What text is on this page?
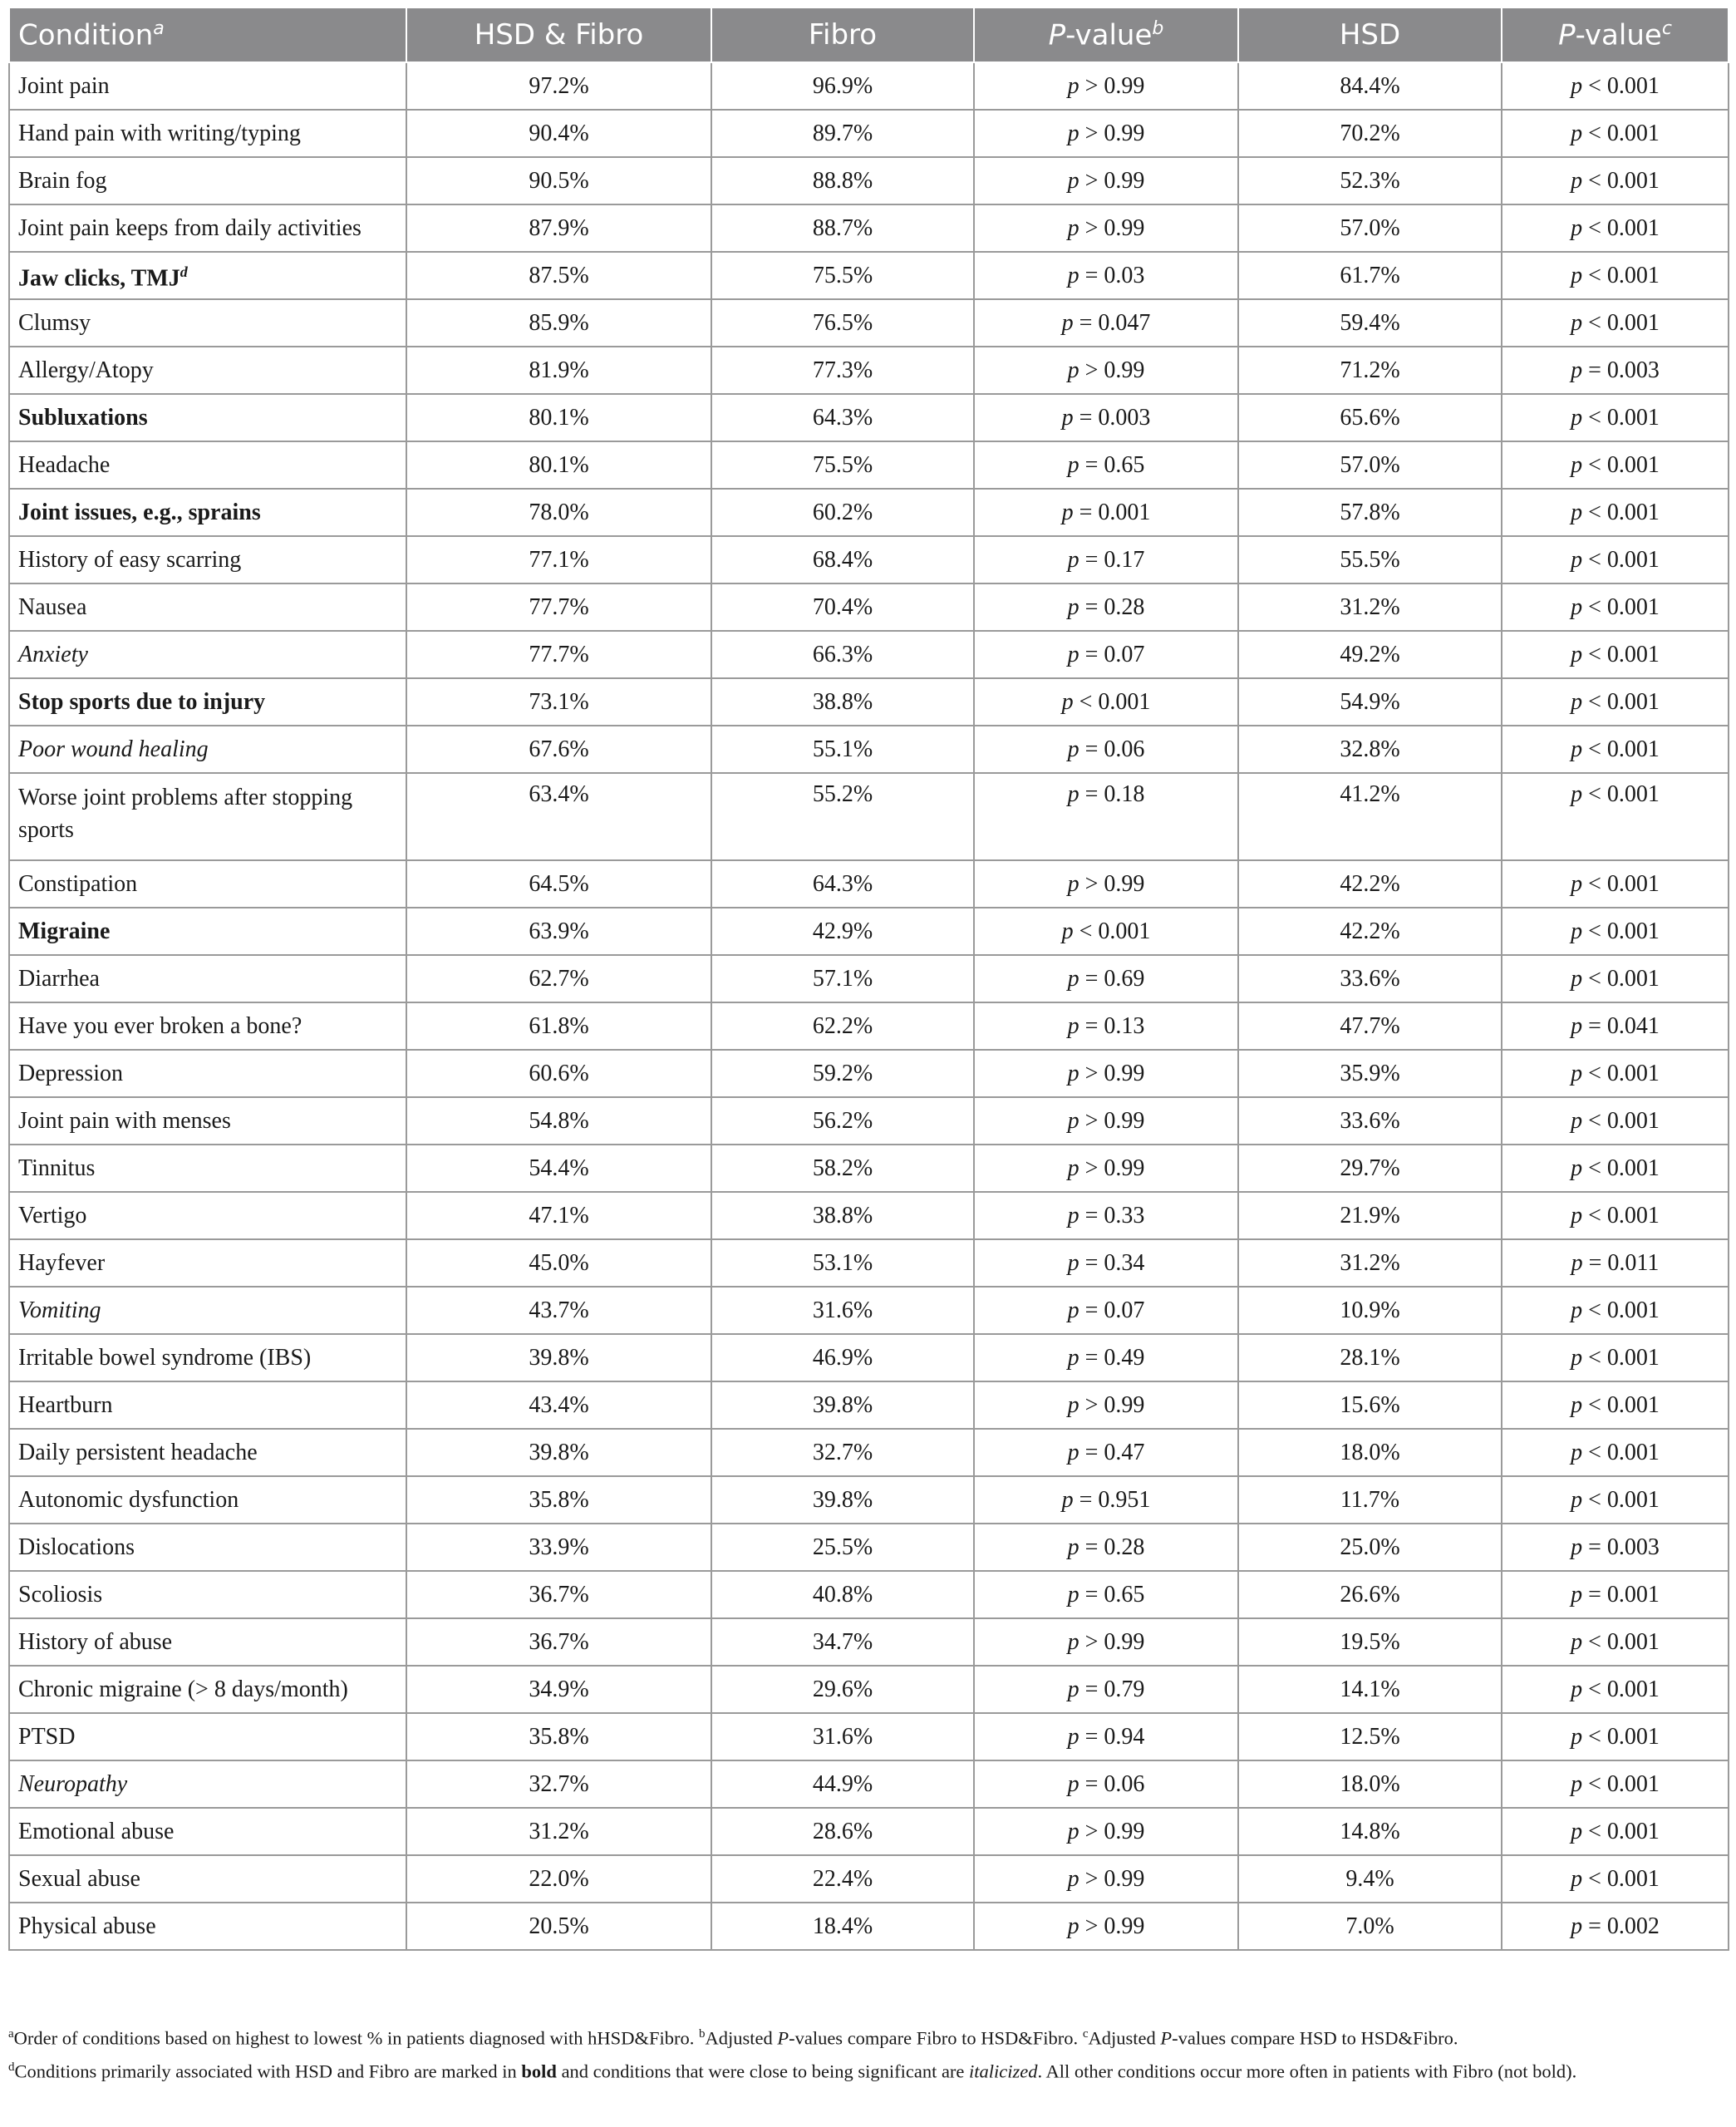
Condition$^a$	HSD & Fibro	Fibro	P-value$^b$	HSD	P-value$^c$
Joint pain	97.2%	96.9%	p > 0.99	84.4%	p < 0.001
Hand pain with writing/typing	90.4%	89.7%	p > 0.99	70.2%	p < 0.001
Brain fog	90.5%	88.8%	p > 0.99	52.3%	p < 0.001
Joint pain keeps from daily activities	87.9%	88.7%	p > 0.99	57.0%	p < 0.001
Jaw clicks, TMJ$^d$	87.5%	75.5%	p = 0.03	61.7%	p < 0.001
Clumsy	85.9%	76.5%	p = 0.047	59.4%	p < 0.001
Allergy/Atopy	81.9%	77.3%	p > 0.99	71.2%	p = 0.003
Subluxations	80.1%	64.3%	p = 0.003	65.6%	p < 0.001
Headache	80.1%	75.5%	p = 0.65	57.0%	p < 0.001
Joint issues, e.g., sprains	78.0%	60.2%	p = 0.001	57.8%	p < 0.001
History of easy scarring	77.1%	68.4%	p = 0.17	55.5%	p < 0.001
Nausea	77.7%	70.4%	p = 0.28	31.2%	p < 0.001
Anxiety	77.7%	66.3%	p = 0.07	49.2%	p < 0.001
Stop sports due to injury	73.1%	38.8%	p < 0.001	54.9%	p < 0.001
Poor wound healing	67.6%	55.1%	p = 0.06	32.8%	p < 0.001
Worse joint problems after stopping sports	63.4%	55.2%	p = 0.18	41.2%	p < 0.001
Constipation	64.5%	64.3%	p > 0.99	42.2%	p < 0.001
Migraine	63.9%	42.9%	p < 0.001	42.2%	p < 0.001
Diarrhea	62.7%	57.1%	p = 0.69	33.6%	p < 0.001
Have you ever broken a bone?	61.8%	62.2%	p = 0.13	47.7%	p = 0.041
Depression	60.6%	59.2%	p > 0.99	35.9%	p < 0.001
Joint pain with menses	54.8%	56.2%	p > 0.99	33.6%	p < 0.001
Tinnitus	54.4%	58.2%	p > 0.99	29.7%	p < 0.001
Vertigo	47.1%	38.8%	p = 0.33	21.9%	p < 0.001
Hayfever	45.0%	53.1%	p = 0.34	31.2%	p = 0.011
Vomiting	43.7%	31.6%	p = 0.07	10.9%	p < 0.001
Irritable bowel syndrome (IBS)	39.8%	46.9%	p = 0.49	28.1%	p < 0.001
Heartburn	43.4%	39.8%	p > 0.99	15.6%	p < 0.001
Daily persistent headache	39.8%	32.7%	p = 0.47	18.0%	p < 0.001
Autonomic dysfunction	35.8%	39.8%	p = 0.951	11.7%	p < 0.001
Dislocations	33.9%	25.5%	p = 0.28	25.0%	p = 0.003
Scoliosis	36.7%	40.8%	p = 0.65	26.6%	p = 0.001
History of abuse	36.7%	34.7%	p > 0.99	19.5%	p < 0.001
Chronic migraine (> 8 days/month)	34.9%	29.6%	p = 0.79	14.1%	p < 0.001
PTSD	35.8%	31.6%	p = 0.94	12.5%	p < 0.001
Neuropathy	32.7%	44.9%	p = 0.06	18.0%	p < 0.001
Emotional abuse	31.2%	28.6%	p > 0.99	14.8%	p < 0.001
Sexual abuse	22.0%	22.4%	p > 0.99	9.4%	p < 0.001
Physical abuse	20.5%	18.4%	p > 0.99	7.0%	p = 0.002
$^a$Order of conditions based on highest to lowest % in patients diagnosed with hHSD&Fibro. $^b$Adjusted P-values compare Fibro to HSD&Fibro. $^c$Adjusted P-values compare HSD to HSD&Fibro.
$^d$Conditions primarily associated with HSD and Fibro are marked in bold and conditions that were close to being significant are italicized. All other conditions occur more often in patients with Fibro (not bold).
